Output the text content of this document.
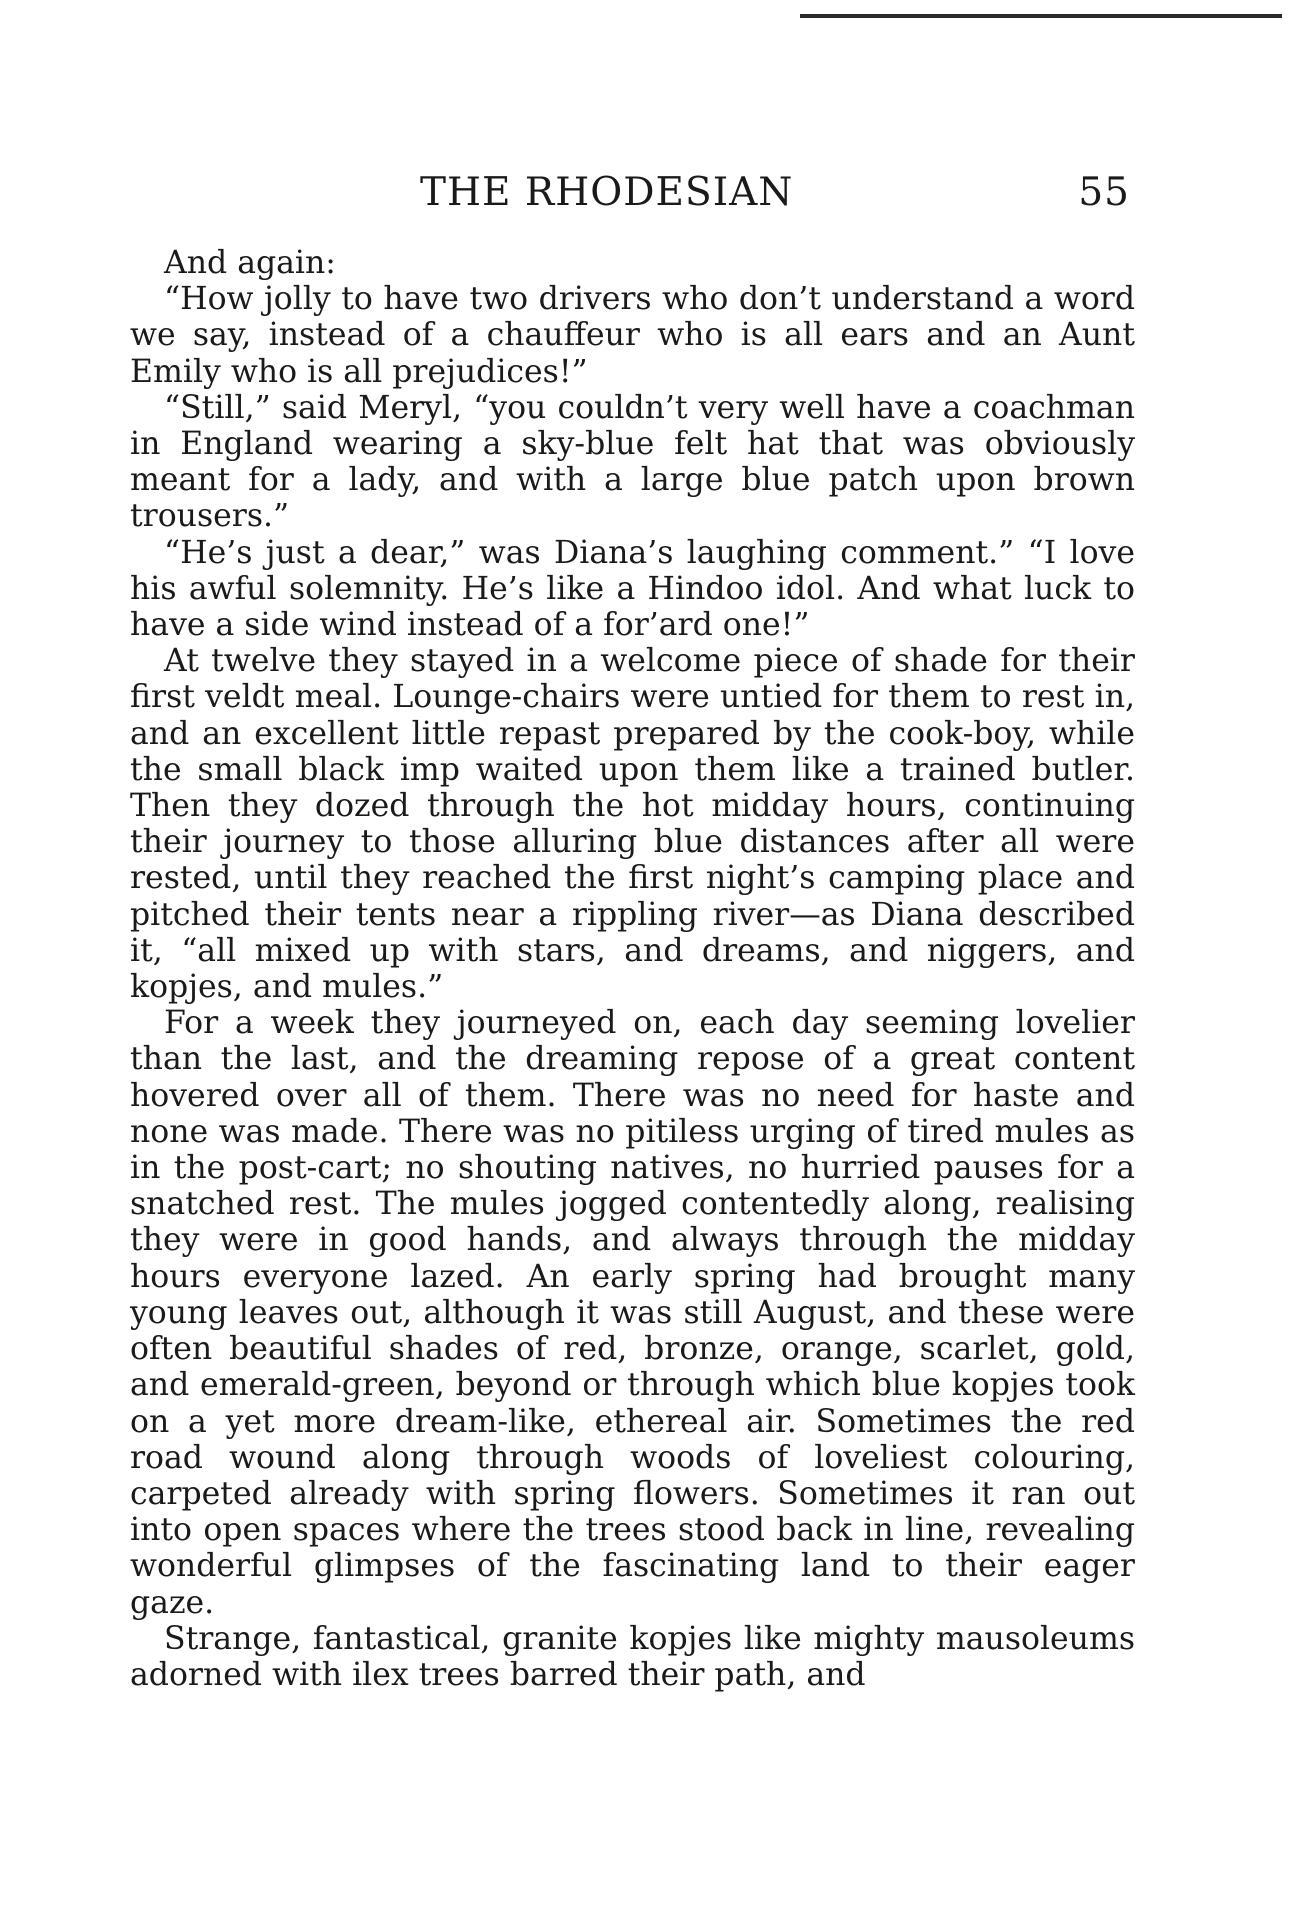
THE RHODESIAN	55

And again:

“How jolly to have two drivers who don’t understand a word we say, instead of a chauffeur who is all ears and an Aunt Emily who is all prejudices!”

“Still,” said Meryl, “you couldn’t very well have a coachman in England wearing a sky-blue felt hat that was obviously meant for a lady, and with a large blue patch upon brown trousers.”

“He’s just a dear,” was Diana’s laughing comment.” “I love his awful solemnity. He’s like a Hindoo idol. And what luck to have a side wind instead of a for’ard one!”

At twelve they stayed in a welcome piece of shade for their first veldt meal. Lounge-chairs were untied for them to rest in, and an excellent little repast prepared by the cook-boy, while the small black imp waited upon them like a trained butler. Then they dozed through the hot midday hours, continuing their journey to those alluring blue distances after all were rested, until they reached the first night’s camping place and pitched their tents near a rippling river—as Diana described it, “all mixed up with stars, and dreams, and niggers, and kopjes, and mules.”

For a week they journeyed on, each day seeming lovelier than the last, and the dreaming repose of a great content hovered over all of them. There was no need for haste and none was made. There was no pitiless urging of tired mules as in the post-cart; no shouting natives, no hurried pauses for a snatched rest. The mules jogged contentedly along, realising they were in good hands, and always through the midday hours everyone lazed. An early spring had brought many young leaves out, although it was still August, and these were often beautiful shades of red, bronze, orange, scarlet, gold, and emerald-green, beyond or through which blue kopjes took on a yet more dream-like, ethereal air. Sometimes the red road wound along through woods of loveliest colouring, carpeted already with spring flowers. Sometimes it ran out into open spaces where the trees stood back in line, revealing wonderful glimpses of the fascinating land to their eager gaze.

Strange, fantastical, granite kopjes like mighty mausoleums adorned with ilex trees barred their path, and
